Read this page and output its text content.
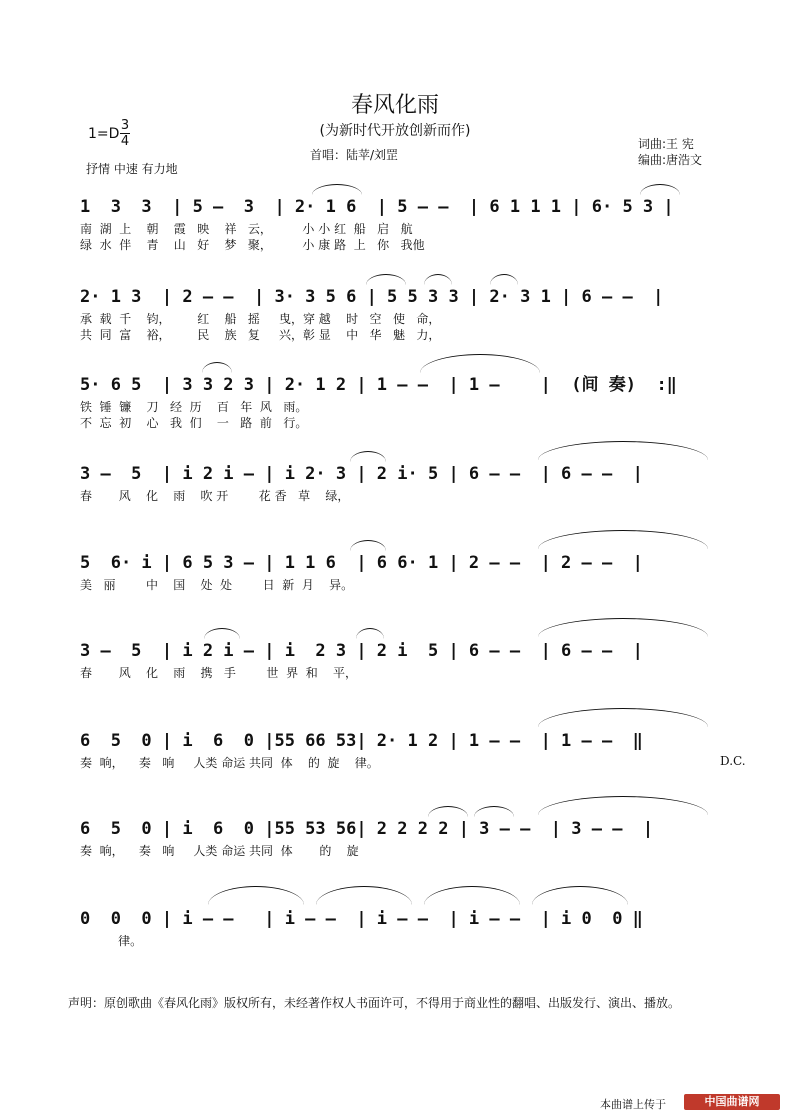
春风化雨
(为新时代开放创新而作)
1=D
3
4
抒情 中速 有力地
首唱：陆苹/刘罡
词曲:王 宪
编曲:唐浩文
1  3  3  | 5 –  3  | 2· 1 6  | 5 – –  | 6 1 1 1 | 6· 5 3 |
南  湖  上    朝    霞   映    祥   云，        小 小 红  船   启   航
绿  水  伴    青    山   好    梦   聚，        小 康 路  上   你   我他
2· 1 3  | 2 – –  | 3· 3 5 6 | 5 5 3 3 | 2· 3 1 | 6 – –  |
承  载  千    钧，       红    船   摇     曳，穿 越    时   空   使   命，
共  同  富    裕，       民    族   复     兴，彰 显    中   华   魅   力，
5· 6 5  | 3 3 2 3 | 2· 1 2 | 1 – –  | 1 –    |  (间 奏)  :‖
铁  锤  镰    刀   经  历    百   年  风   雨。
不  忘  初    心   我  们    一   路  前   行。
3 –  5  | i 2 i – | i 2· 3 | 2 i· 5 | 6 – –  | 6 – –  |
春       风    化    雨    吹 开        花 香   草    绿，
5  6· i | 6 5 3 – | 1 1 6  | 6 6· 1 | 2 – –  | 2 – –  |
美   丽        中    国    处  处        日  新  月    异。
3 –  5  | i 2 i – | i  2 3 | 2 i  5 | 6 – –  | 6 – –  |
春       风    化    雨    携   手        世  界  和    平，
6  5  0 | i  6  0 |55 66 53| 2· 1 2 | 1 – –  | 1 – –  ‖
奏  响，    奏   响     人类 命运 共同  体    的  旋    律。	D.C.
6  5  0 | i  6  0 |55 53 56| 2 2 2 2 | 3 – –  | 3 – –  |
奏  响，    奏   响     人类 命运 共同  体       的    旋
0  0  0 | i – –   | i – –  | i – –  | i – –  | i 0  0 ‖
律。
声明：原创歌曲《春风化雨》版权所有，未经著作权人书面许可，不得用于商业性的翻唱、出版发行、演出、播放。
本曲谱上传于	中国曲谱网
